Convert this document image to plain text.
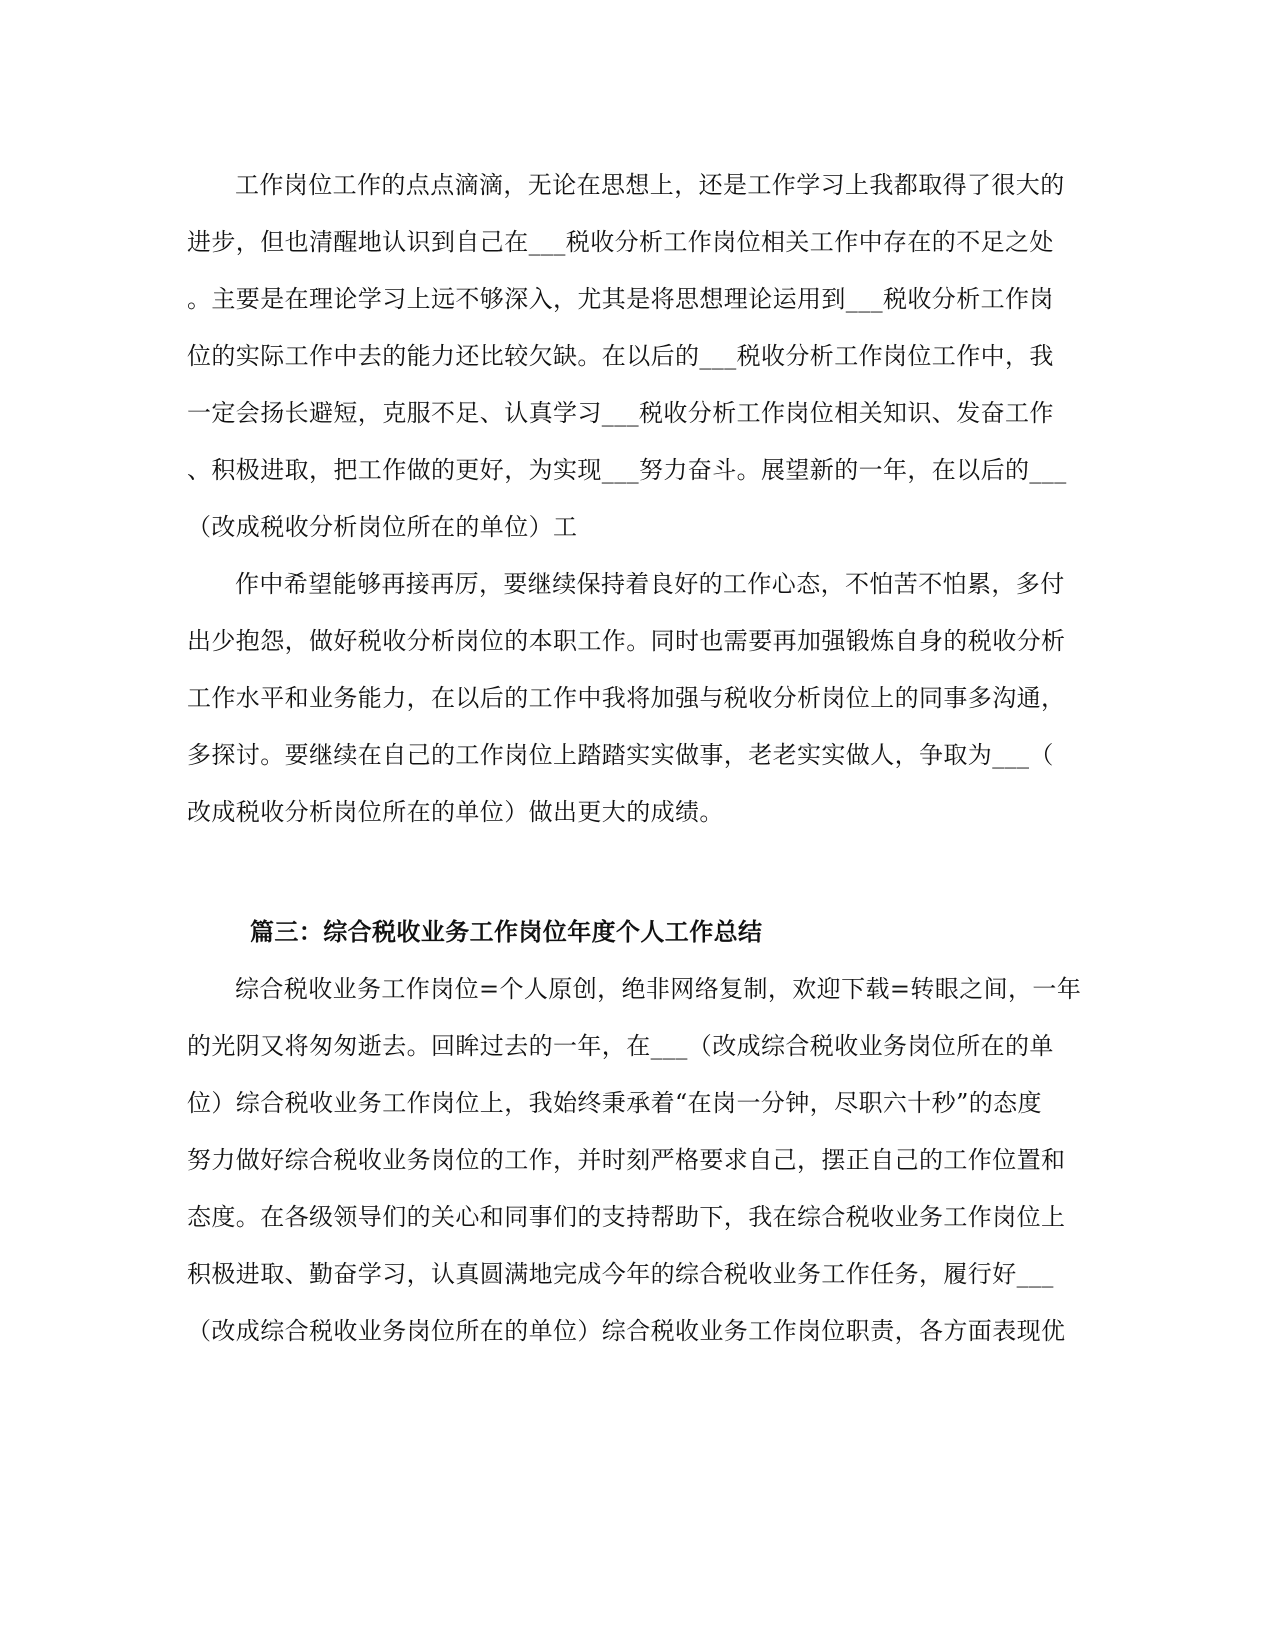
工作岗位工作的点点滴滴，无论在思想上，还是工作学习上我都取得了很大的
进步，但也清醒地认识到自己在___税收分析工作岗位相关工作中存在的不足之处
。主要是在理论学习上远不够深入，尤其是将思想理论运用到___税收分析工作岗
位的实际工作中去的能力还比较欠缺。在以后的___税收分析工作岗位工作中，我
一定会扬长避短，克服不足、认真学习___税收分析工作岗位相关知识、发奋工作
、积极进取，把工作做的更好，为实现___努力奋斗。展望新的一年，在以后的___
（改成税收分析岗位所在的单位）工
作中希望能够再接再厉，要继续保持着良好的工作心态，不怕苦不怕累，多付
出少抱怨，做好税收分析岗位的本职工作。同时也需要再加强锻炼自身的税收分析
工作水平和业务能力，在以后的工作中我将加强与税收分析岗位上的同事多沟通，
多探讨。要继续在自己的工作岗位上踏踏实实做事，老老实实做人，争取为___（
改成税收分析岗位所在的单位）做出更大的成绩。
篇三：综合税收业务工作岗位年度个人工作总结
综合税收业务工作岗位=个人原创，绝非网络复制，欢迎下载=转眼之间，一年
的光阴又将匆匆逝去。回眸过去的一年，在___（改成综合税收业务岗位所在的单
位）综合税收业务工作岗位上，我始终秉承着“在岗一分钟，尽职六十秒”的态度
努力做好综合税收业务岗位的工作，并时刻严格要求自己，摆正自己的工作位置和
态度。在各级领导们的关心和同事们的支持帮助下，我在综合税收业务工作岗位上
积极进取、勤奋学习，认真圆满地完成今年的综合税收业务工作任务，履行好___
（改成综合税收业务岗位所在的单位）综合税收业务工作岗位职责，各方面表现优
